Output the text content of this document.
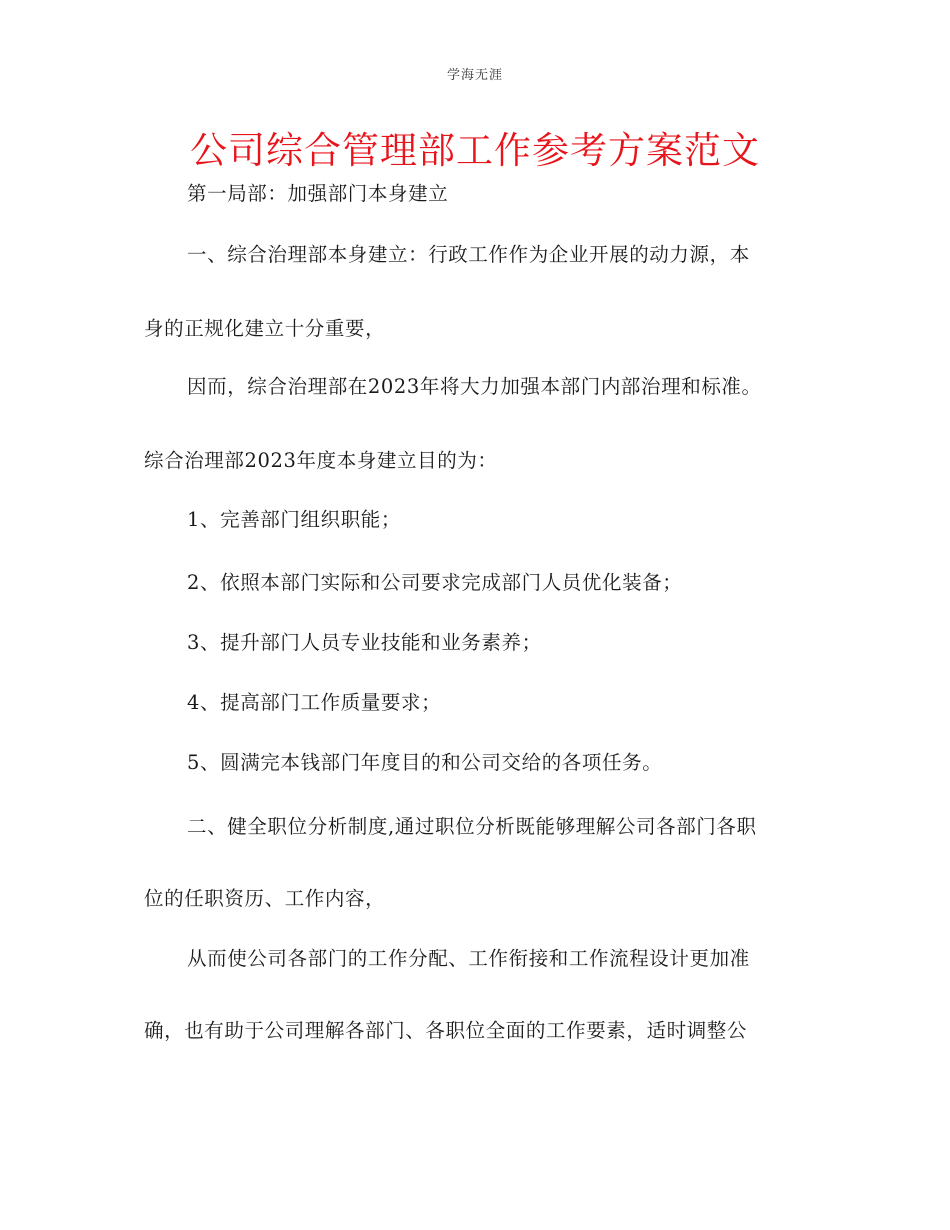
学海无涯
公司综合管理部工作参考方案范文
第一局部：加强部门本身建立
一、综合治理部本身建立：行政工作作为企业开展的动力源，本
身的正规化建立十分重要，
因而，综合治理部在2023年将大力加强本部门内部治理和标准。
综合治理部2023年度本身建立目的为：
1、完善部门组织职能；
2、依照本部门实际和公司要求完成部门人员优化装备；
3、提升部门人员专业技能和业务素养；
4、提高部门工作质量要求；
5、圆满完本钱部门年度目的和公司交给的各项任务。
二、健全职位分析制度,通过职位分析既能够理解公司各部门各职
位的任职资历、工作内容，
从而使公司各部门的工作分配、工作衔接和工作流程设计更加准
确，也有助于公司理解各部门、各职位全面的工作要素，适时调整公
